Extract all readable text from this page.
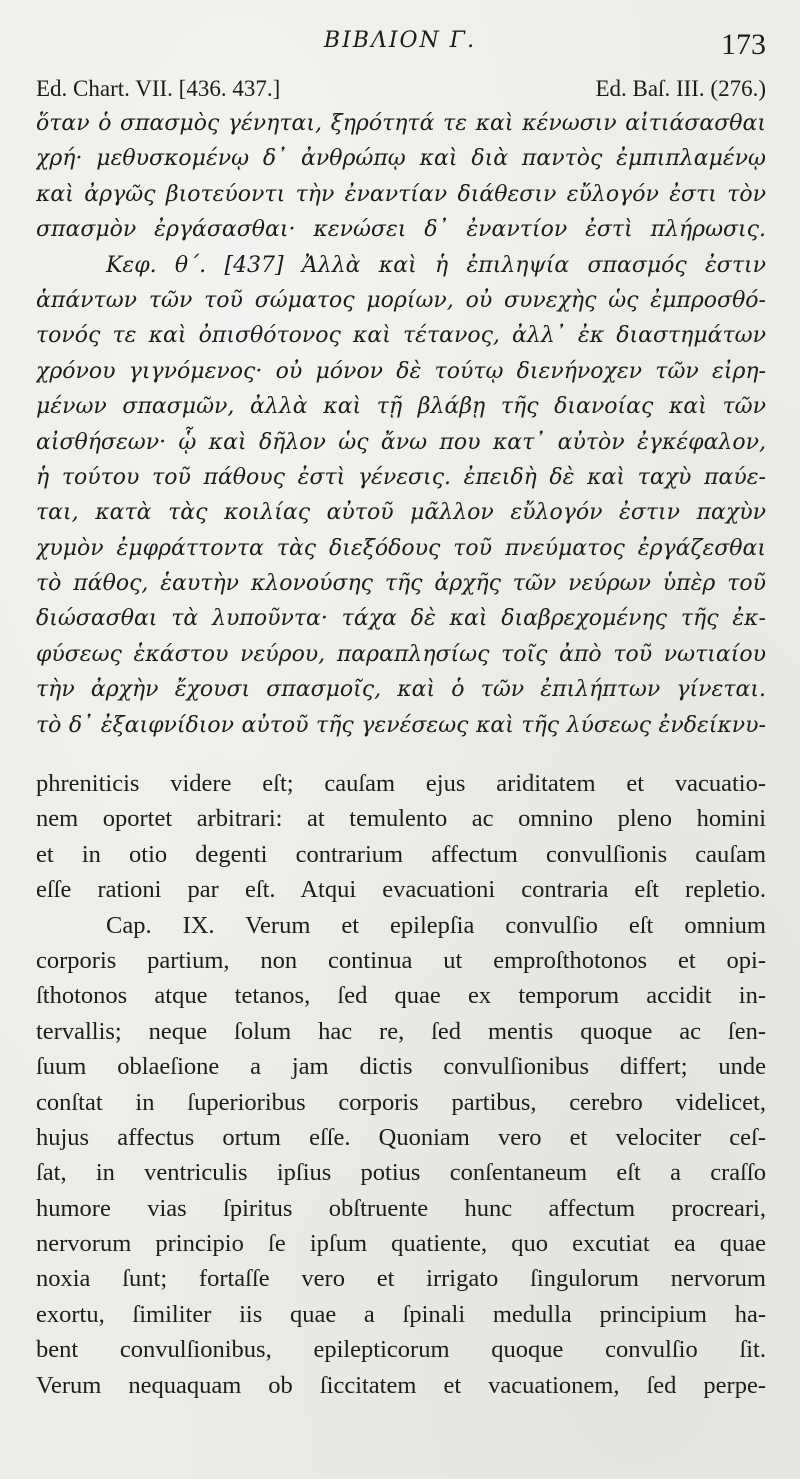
ΒΙΒΛΙΟΝ Γ.	173
Ed. Chart. VII. [436. 437.]	Ed. Baſ. III. (276.)
ὅταν ὁ σπασμὸς γένηται, ξηρότητά τε καὶ κένωσιν αἰτιάσασθαι
χρή· μεθυσκομένῳ δ᾽ ἀνθρώπῳ καὶ διὰ παντὸς ἐμπιπλαμένῳ
καὶ ἀργῶς βιοτεύοντι τὴν ἐναντίαν διάθεσιν εὔλογόν ἐστι τὸν
σπασμὸν ἐργάσασθαι· κενώσει δ᾽ ἐναντίον ἐστὶ πλήρωσις.
Κεφ. θ΄. [437] Ἀλλὰ καὶ ἡ ἐπιληψία σπασμός ἐστιν
ἁπάντων τῶν τοῦ σώματος μορίων, οὐ συνεχὴς ὡς ἐμπροσθό-
τονός τε καὶ ὀπισθότονος καὶ τέτανος, ἀλλ᾽ ἐκ διαστημάτων
χρόνου γιγνόμενος· οὐ μόνον δὲ τούτῳ διενήνοχεν τῶν εἰρη-
μένων σπασμῶν, ἀλλὰ καὶ τῇ βλάβῃ τῆς διανοίας καὶ τῶν
αἰσθήσεων· ᾧ καὶ δῆλον ὡς ἄνω που κατ᾽ αὐτὸν ἐγκέφαλον,
ἡ τούτου τοῦ πάθους ἐστὶ γένεσις. ἐπειδὴ δὲ καὶ ταχὺ παύε-
ται, κατὰ τὰς κοιλίας αὐτοῦ μᾶλλον εὔλογόν ἐστιν παχὺν
χυμὸν ἐμφράττοντα τὰς διεξόδους τοῦ πνεύματος ἐργάζεσθαι
τὸ πάθος, ἑαυτὴν κλονούσης τῆς ἀρχῆς τῶν νεύρων ὑπὲρ τοῦ
διώσασθαι τὰ λυποῦντα· τάχα δὲ καὶ διαβρεχομένης τῆς ἐκ-
φύσεως ἑκάστου νεύρου, παραπλησίως τοῖς ἀπὸ τοῦ νωτιαίου
τὴν ἀρχὴν ἔχουσι σπασμοῖς, καὶ ὁ τῶν ἐπιλήπτων γίνεται.
τὸ δ᾽ ἐξαιφνίδιον αὐτοῦ τῆς γενέσεως καὶ τῆς λύσεως ἐνδείκνυ-
phreniticis videre eſt; cauſam ejus ariditatem et vacuatio-
nem oportet arbitrari: at temulento ac omnino pleno homini
et in otio degenti contrarium affectum convulſionis cauſam
eſſe rationi par eſt. Atqui evacuationi contraria eſt repletio.
Cap. IX. Verum et epilepſia convulſio eſt omnium
corporis partium, non continua ut emproſthotonos et opi-
ſthotonos atque tetanos, ſed quae ex temporum accidit in-
tervallis; neque ſolum hac re, ſed mentis quoque ac ſen-
ſuum oblaeſione a jam dictis convulſionibus differt; unde
conſtat in ſuperioribus corporis partibus, cerebro videlicet,
hujus affectus ortum eſſe. Quoniam vero et velociter ceſ-
ſat, in ventriculis ipſius potius conſentaneum eſt a craſſo
humore vias ſpiritus obſtruente hunc affectum procreari,
nervorum principio ſe ipſum quatiente, quo excutiat ea quae
noxia ſunt; fortaſſe vero et irrigato ſingulorum nervorum
exortu, ſimiliter iis quae a ſpinali medulla principium ha-
bent convulſionibus, epilepticorum quoque convulſio ſit.
Verum nequaquam ob ſiccitatem et vacuationem, ſed perpe-
